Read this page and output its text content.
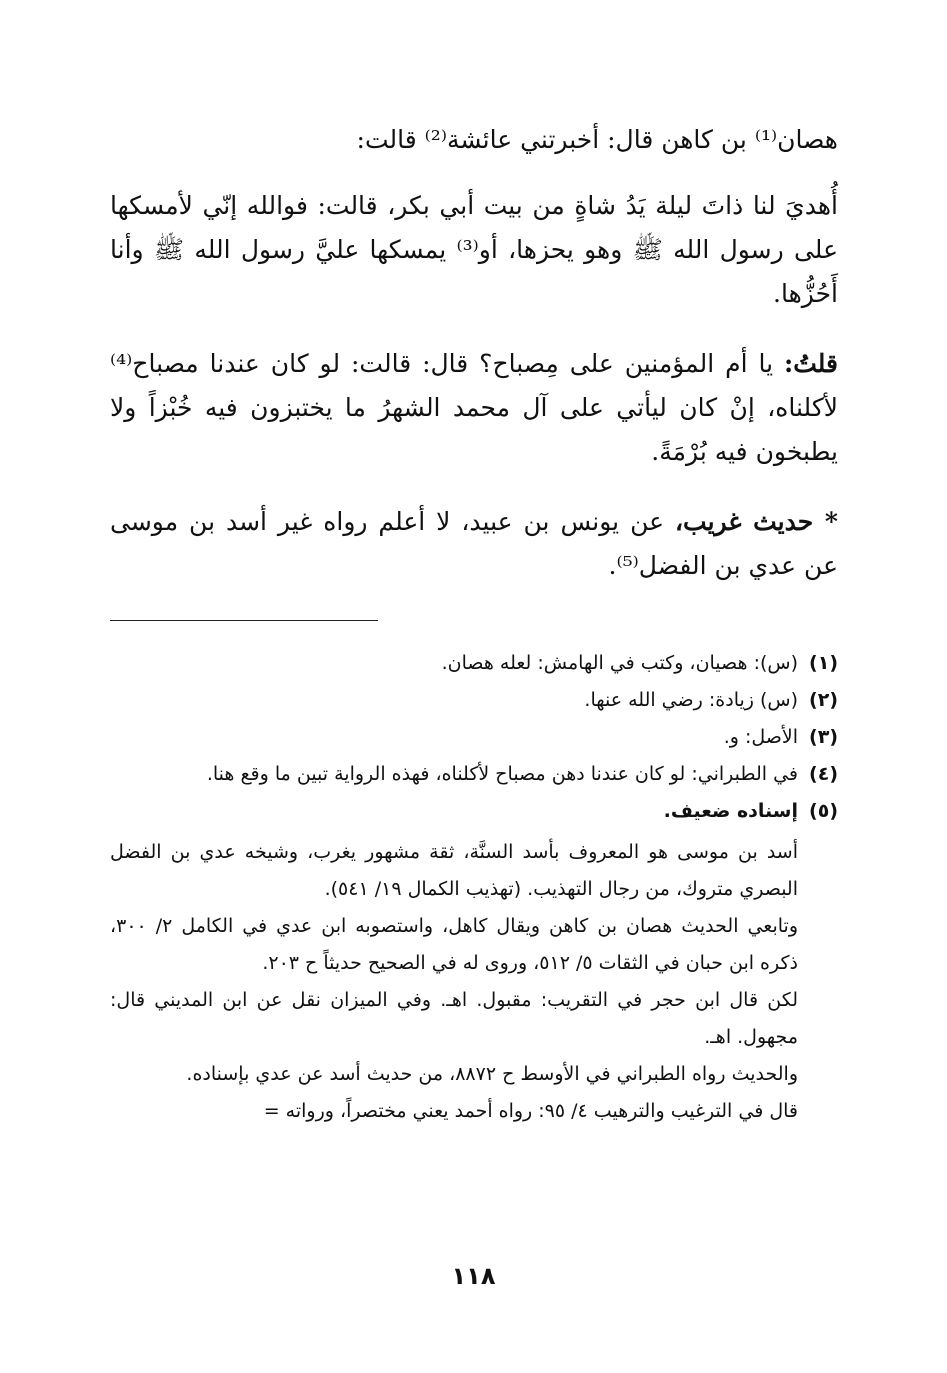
هصان⁽¹⁾ بن كاهن قال: أخبرتني عائشة⁽²⁾ قالت:

أُهديَ لنا ذاتَ ليلة يَدُ شاةٍ من بيت أبي بكر، قالت: فوالله إنّي لأمسكها على رسول الله ﷺ وهو يحزها، أو⁽³⁾ يمسكها عليَّ رسول الله ﷺ وأنا أَحُزُّها.

قلتُ: يا أم المؤمنين على مِصباح؟ قال: قالت: لو كان عندنا مصباح⁽⁴⁾ لأكلناه، إنْ كان ليأتي على آل محمد الشهرُ ما يختبزون فيه خُبْزاً ولا يطبخون فيه بُرْمَةً.

* حديث غريب، عن يونس بن عبيد، لا أعلم رواه غير أسد بن موسى عن عدي بن الفضل⁽⁵⁾.

(١)
(س): هصيان، وكتب في الهامش: لعله هصان.
(٢)
(س) زيادة: رضي الله عنها.
(٣)
الأصل: و.
(٤)
في الطبراني: لو كان عندنا دهن مصباح لأكلناه، فهذه الرواية تبين ما وقع هنا.
(٥)
إسناده ضعيف.
أسد بن موسى هو المعروف بأسد السنَّة، ثقة مشهور يغرب، وشيخه عدي بن الفضل البصري متروك، من رجال التهذيب. (تهذيب الكمال ١٩/ ٥٤١).
وتابعي الحديث هصان بن كاهن ويقال كاهل، واستصوبه ابن عدي في الكامل ٢/ ٣٠٠، ذكره ابن حبان في الثقات ٥/ ٥١٢، وروى له في الصحيح حديثاً ح ٢٠٣.
لكن قال ابن حجر في التقريب: مقبول. اهـ. وفي الميزان نقل عن ابن المديني قال: مجهول. اهـ.
والحديث رواه الطبراني في الأوسط ح ٨٨٧٢، من حديث أسد عن عدي بإسناده.
قال في الترغيب والترهيب ٤/ ٩٥: رواه أحمد يعني مختصراً، ورواته =
١١٨
